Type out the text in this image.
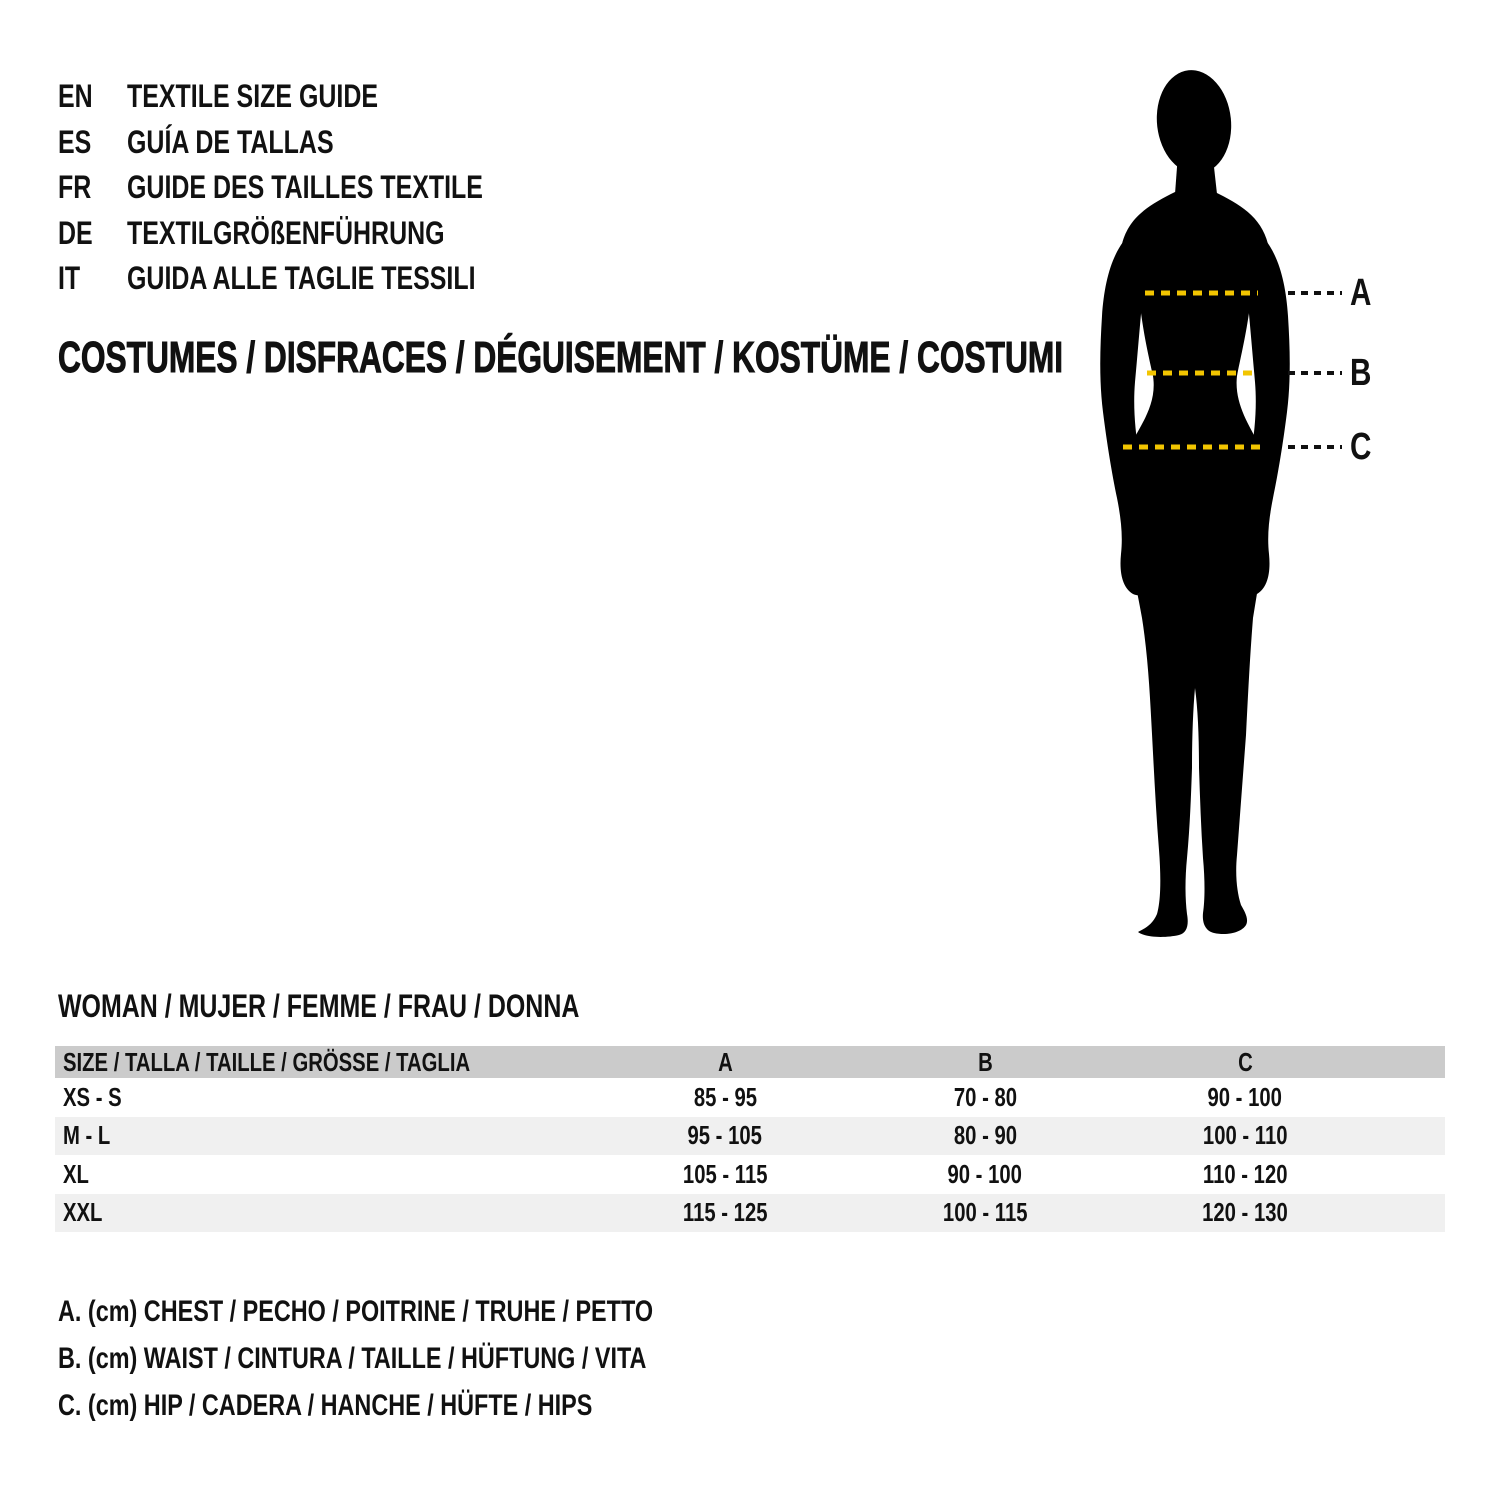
EN	TEXTILE SIZE GUIDE
ES GUÍA DE TALLAS
FR GUIDE DES TAILLES TEXTILE
DE	TEXTILGRÖßENFÜHRUNG
IT GUIDA ALLE TAGLIE TESSILI
COSTUMES / DISFRACES / DÉGUISEMENT / KOSTÜME / COSTUMI
A
B
C
WOMAN / MUJER / FEMME / FRAU / DONNA
SIZE / TALLA / TAILLE / GRÖSSE / TAGLIA	A	B	C
XS - S	85 - 95	70 - 80	90 - 100
M - L	95 - 105	80 - 90	100 - 110
XL	105 - 115	90 - 100	110 - 120
XXL	115 - 125	100 - 115	120 - 130
A. (cm) CHEST / PECHO / POITRINE / TRUHE / PETTO
B. (cm) WAIST / CINTURA / TAILLE / HÜFTUNG / VITA
C. (cm) HIP / CADERA / HANCHE / HÜFTE / HIPS
